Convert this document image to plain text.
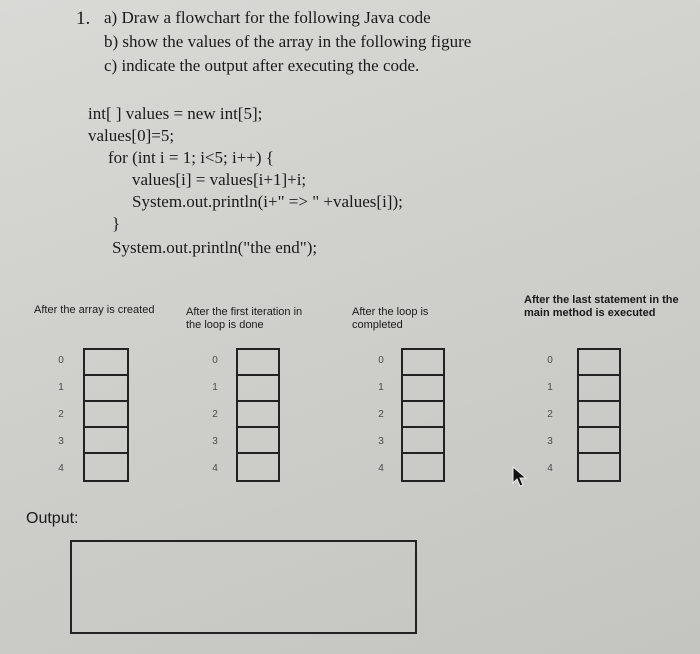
1. a) Draw a flowchart for the following Java code
b) show the values of the array in the following figure
c) indicate the output after executing the code.
int[ ] values = new int[5];
values[0]=5;
for (int i = 1; i<5; i++) {
values[i] = values[i+1]+i;
System.out.println(i+" => " +values[i]);
}
System.out.println("the end");
After the array is created
0
1
2
3
4
After the first iteration in the loop is done
0
1
2
3
4
After the loop is completed
0
1
2
3
4
After the last statement in the main method is executed
0
1
2
3
4
Output:
